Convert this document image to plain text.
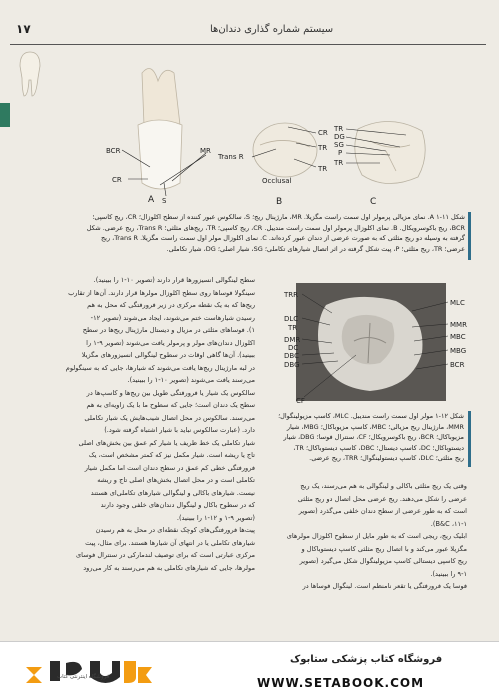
۱۷	سیستم شماره گذاری دندان‌ها
BCR
CR
S
MR
Trans R
CR
TR
TR
Occlusal
TR
DG
SG
P
TR
A	B	C
شکل ۱۱-۱ A. نمای مزیالی پرمولر اول سمت راست مگزیلا. MR، مارژینال ریج؛ S، سالکوس عبور کننده از سطح اکلوزال؛ CR، ریج کاسپی؛
BCR، ریج باکوسرویکال. B. نمای اکلوزال پرمولر اول سمت راست مندیبل. CR، ریج کاسپی؛ TR، ریج‌های مثلثی؛ Trans R، ریج عرضی. شکل
گرفته به وسیله دو ریج مثلثی که به صورت عرضی از دندان عبور کرده‌اند. C. نمای اکلوزال مولر اول سمت راست مگزیلا. Trans R، ریج
عرضی؛ TR، ریج مثلثی؛ P، پیت شکل گرفته در اثر اتصال شیارهای تکاملی؛ SG، شیار اصلی؛ DG، شیار تکاملی.
سطح لینگوالی انسیزورها قرار دارند (تصویر ۱۰-۱ را ببینید).
سینگولا فوساها روی سطح اکلوزال مولرها قرار دارند. آن‌ها از تقارب
ریج‌ها که به یک نقطه مرکزی در زیر فرورفتگی که محل به هم
رسیدن شیارهاست ختم می‌شوند، ایجاد می‌شوند (تصویر ۱۲-
۱). فوساهای مثلثی در مزیال و دیستال مارژینال ریج‌ها در سطح
اکلوزال دندان‌های مولر و پرمولر یافت می‌شوند (تصویر ۹-۱ را
ببینید). آن‌ها گاهی اوقات در سطوح لینگوالی انسیزورهای مگزیلا
در لبه مارژینال ریج‌ها یافت می‌شوند که شیارها، جایی که به سینگولوم
می‌رسند یافت می‌شوند (تصویر ۱۰-۱ را ببینید).
سالکوس یک شیار یا فرورفتگی طویل بین ریج‌ها و کاسپ‌ها در
سطح یک دندان است؛ جایی که سطوح ما با یک زاویه‌ای به هم
می‌رسند. سالکوس در محل اتصال شیب‌هایش یک شیار تکاملی
دارد. (عبارت سالکوس نباید با شیار اشتباه گرفته شود.)
شیار تکاملی یک خط ظریف یا شیار کم عمق بین بخش‌های اصلی
تاج یا ریشه است. شیار مکمل نیز که کمتر مشخص است، یک
فرورفتگی خطی کم عمق در سطح دندان است اما مکمل شیار
تکاملی است و در محل اتصال بخش‌های اصلی تاج و ریشه
نیست. شیارهای باکالی و لینگوالی شیارهای تکاملی‌ای هستند
که در سطوح باکال و لینگوال دندان‌های خلفی وجود دارند
(تصویر ۹-۱ و ۱۲-۱ را ببینید).
پیت‌ها فرورفتگی‌های کوچک نقطه‌ای در محل به هم رسیدن
شیارهای تکاملی یا در انتهای آن شیارها هستند. برای مثال، پیت
مرکزی عبارتی است که برای توصیف لندمارکی در سنترال فوسای
مولرها، جایی که شیارهای تکاملی به هم می‌رسند به کار می‌رود
TRR
DLC
TR
DMR
DC
DBC
DBG
CF
MLC
MMR
MBC
MBG
BCR
شکل ۱۲-۱ مولر اول سمت راست مندیبل. MLC، کاسپ مزیولینگوال؛
MMR، مارژینال ریج مزیالی؛ MBC، کاسپ مزیوباکال؛ MBG، شیار
مزیوباکال؛ BCR، ریج باکوسرویکال؛ CF، سنترال فوسا؛ DBG، شیار
دیستوباکال؛ DC، کاسپ دیستال؛ DBC، کاسپ دیستوباکال؛ TR،
ریج مثلثی؛ DLC، کاسپ دیستولینگوال؛ TRR، ریج عرضی.
وقتی یک ریج مثلثی باکالی و لینگوالی به هم می‌رسند، یک ریج
عرضی را شکل می‌دهند. ریج عرضی محل اتصال دو ریج مثلثی
است که به طور عرضی از سطح دندان خلفی می‌گذرد (تصویر
۱۱-۱، B&C).
ابلیک ریج، ریجی است که به طور مایل از سطوح اکلوزال مولرهای
مگزیلا عبور می‌کند و با اتصال ریج مثلثی کاسپ دیستوباکال و
ریج کاسپی دیستالی کاسپ مزیولینگوال شکل می‌گیرد (تصویر
۹-۱ را ببینید).
فوسا یک فرورفتگی یا تقعر نامنظم است. لینگوال فوساها در
فروشگاه اینترنتی کتاب
فروشگاه کتاب پزشکی ستابوک
WWW.SETABOOK.COM
